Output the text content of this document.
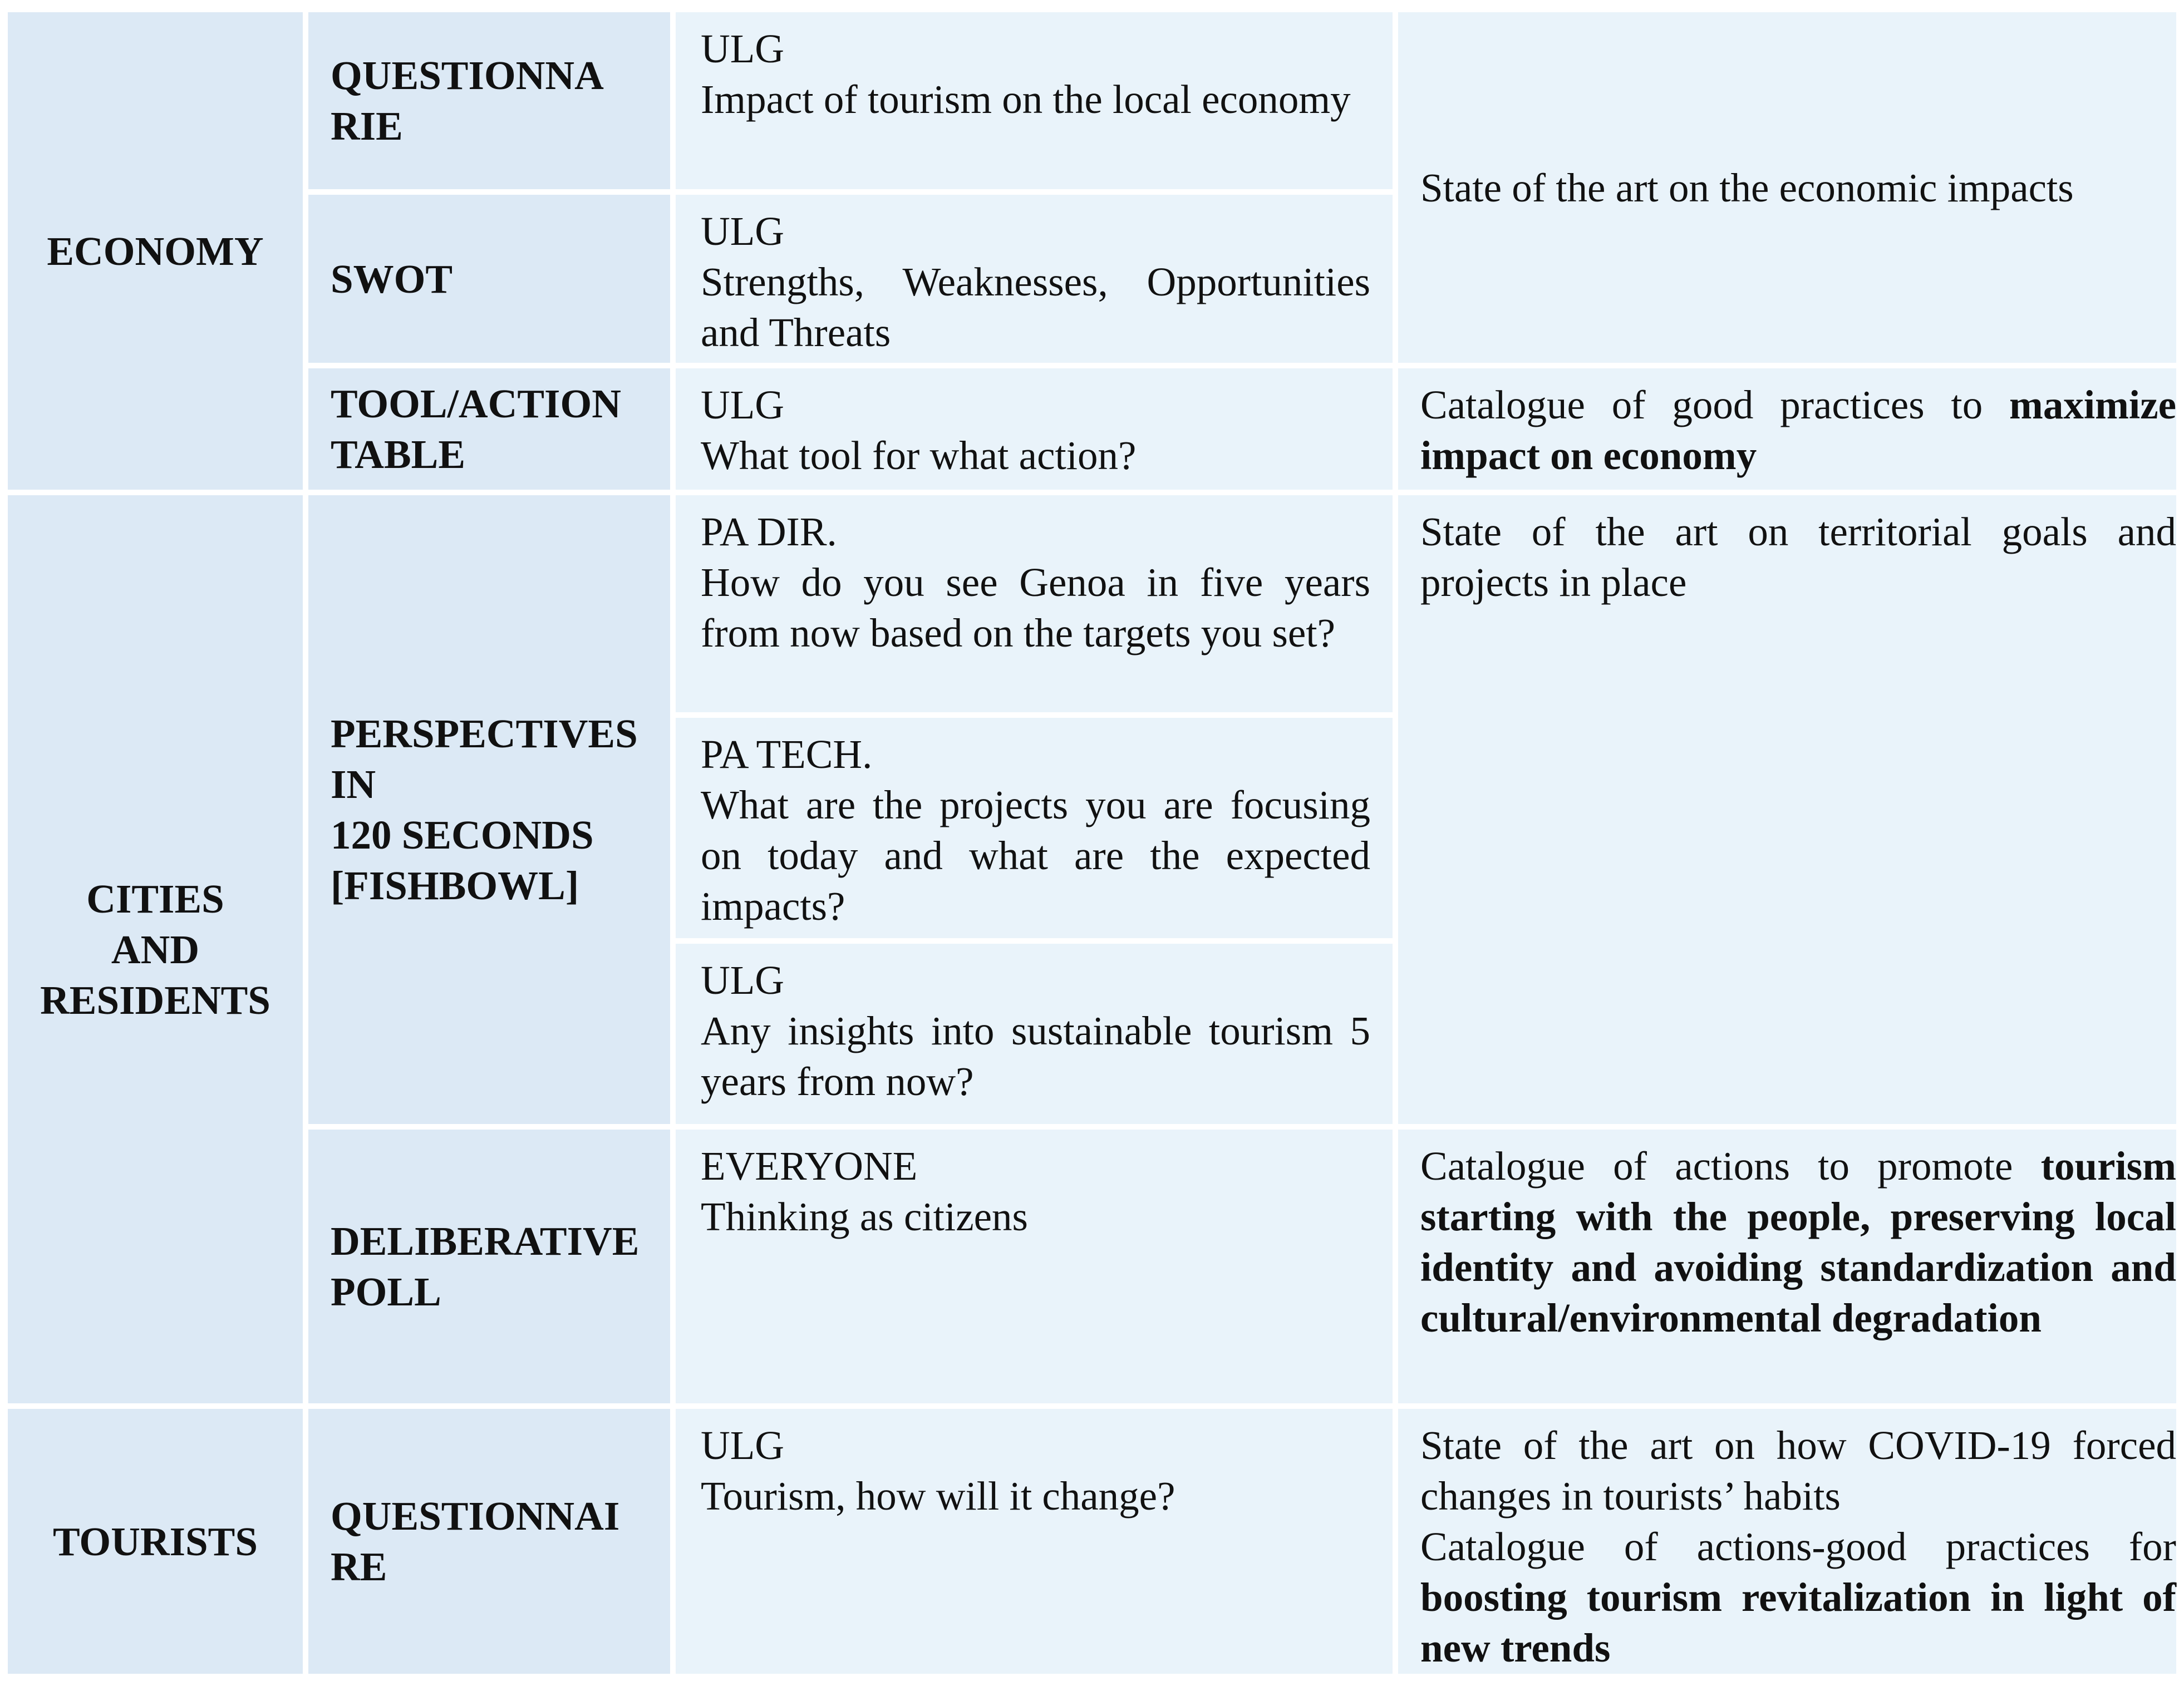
ECONOMY
CITIES
AND
RESIDENTS
TOURISTS
QUESTIONNA
RIE
SWOT
TOOL/ACTION
TABLE
PERSPECTIVES
IN
120 SECONDS
[FISHBOWL]
DELIBERATIVE
POLL
QUESTIONNAI
RE
ULG
Impact of tourism on the local economy
ULG
Strengths, Weaknesses, Opportunities and Threats
ULG
What tool for what action?
PA DIR.
How do you see Genoa in five years from now based on the targets you set?
PA TECH.
What are the projects you are focusing on today and what are the expected impacts?
ULG
Any insights into sustainable tourism 5 years from now?
EVERYONE
Thinking as citizens
ULG
Tourism, how will it change?
State of the art on the economic impacts

Catalogue of good practices to maximize impact on economy

State of the art on territorial goals and projects in place

Catalogue of actions to promote tourism starting with the people, preserving local identity and avoiding standardization and cultural/environmental degradation

State of the art on how COVID-19 forced changes in tourists’ habits

Catalogue of actions-good practices for boosting tourism revitalization in light of new trends
